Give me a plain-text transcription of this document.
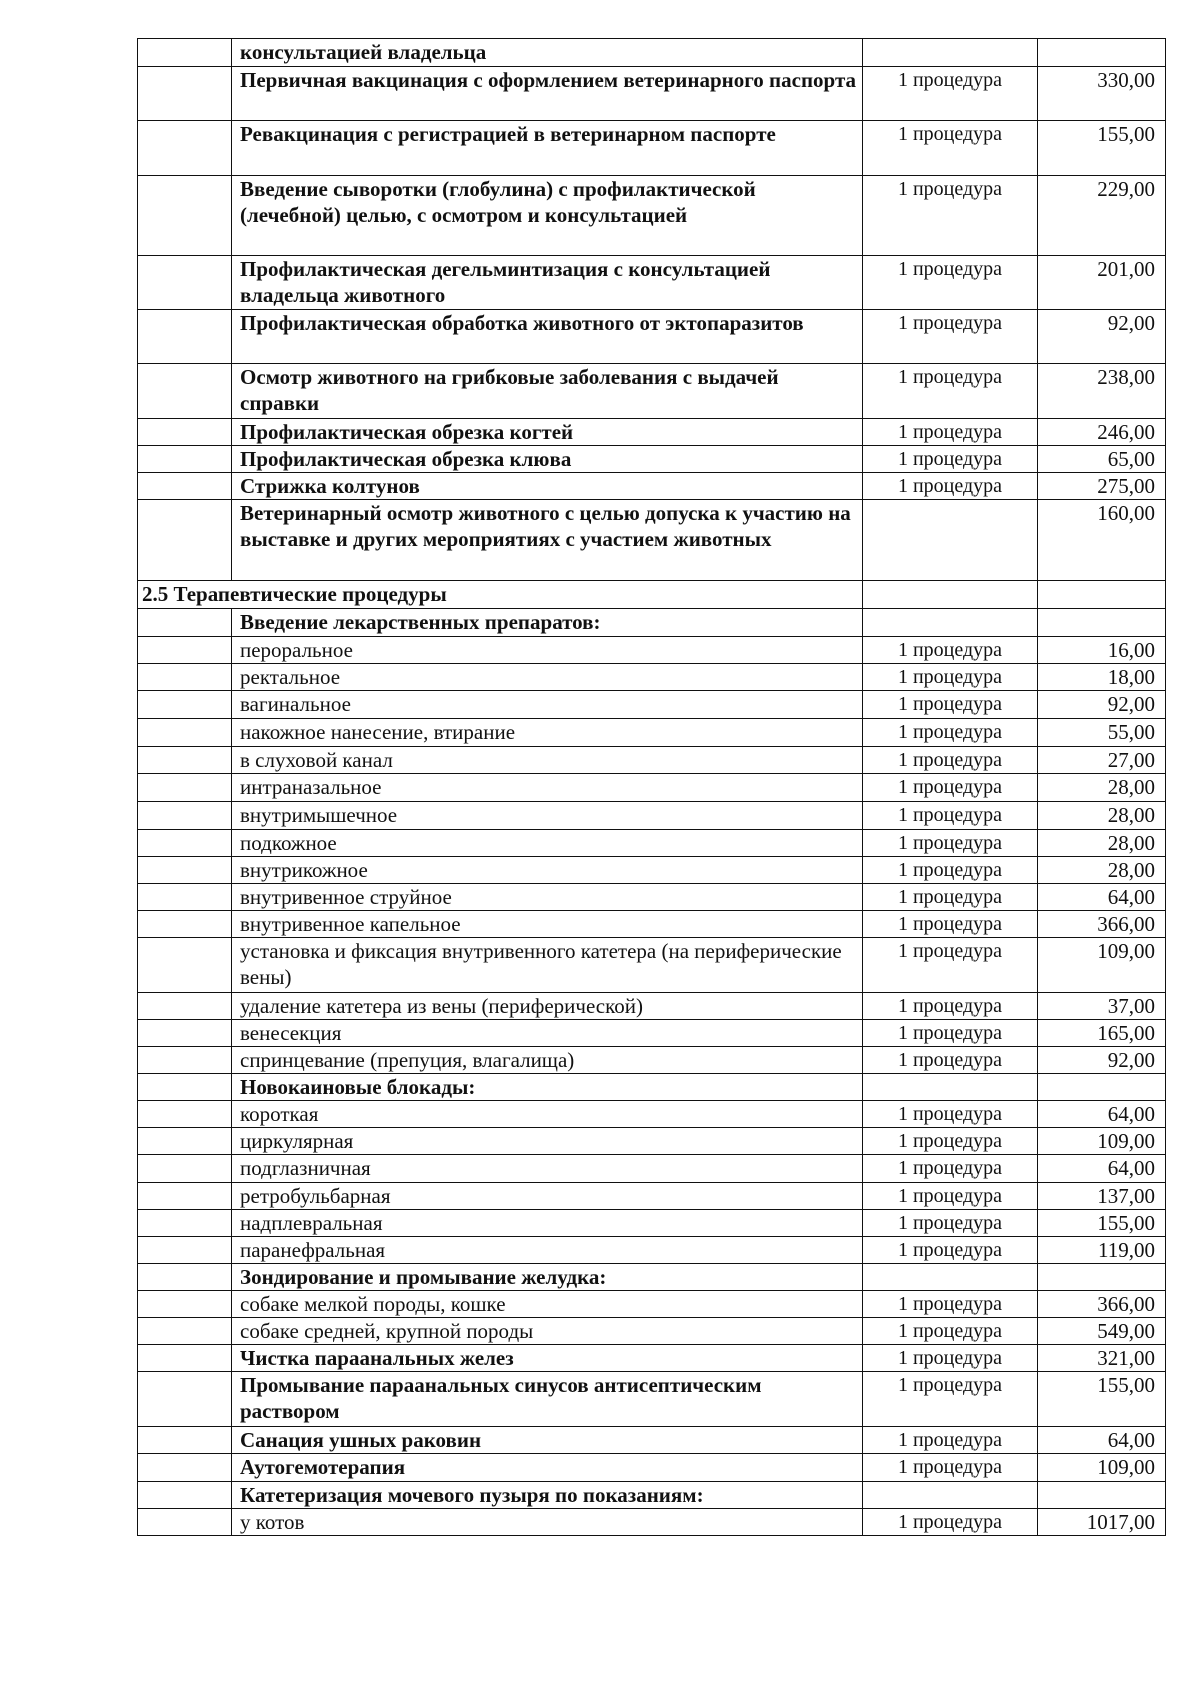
	консультацией владельца		
	Первичная вакцинация с оформлением ветеринарного паспорта	1 процедура	330,00
	Ревакцинация с регистрацией в ветеринарном паспорте	1 процедура	155,00
	Введение сыворотки (глобулина) с профилактической (лечебной) целью, с осмотром и консультацией	1 процедура	229,00
	Профилактическая дегельминтизация с консультацией владельца животного	1 процедура	201,00
	Профилактическая обработка животного от эктопаразитов	1 процедура	92,00
	Осмотр животного на грибковые заболевания с выдачей справки	1 процедура	238,00
	Профилактическая обрезка когтей	1 процедура	246,00
	Профилактическая обрезка клюва	1 процедура	65,00
	Стрижка колтунов	1 процедура	275,00
	Ветеринарный осмотр животного с целью допуска к участию на выставке и других мероприятиях с участием животных		160,00
2.5 Терапевтические процедуры			
	Введение лекарственных препаратов:		
	пероральное	1 процедура	16,00
	ректальное	1 процедура	18,00
	вагинальное	1 процедура	92,00
	накожное нанесение, втирание	1 процедура	55,00
	в слуховой канал	1 процедура	27,00
	интраназальное	1 процедура	28,00
	внутримышечное	1 процедура	28,00
	подкожное	1 процедура	28,00
	внутрикожное	1 процедура	28,00
	внутривенное струйное	1 процедура	64,00
	внутривенное капельное	1 процедура	366,00
	установка и фиксация внутривенного катетера (на периферические вены)	1 процедура	109,00
	удаление катетера из вены (периферической)	1 процедура	37,00
	венесекция	1 процедура	165,00
	спринцевание (препуция, влагалища)	1 процедура	92,00
	Новокаиновые блокады:		
	короткая	1 процедура	64,00
	циркулярная	1 процедура	109,00
	подглазничная	1 процедура	64,00
	ретробульбарная	1 процедура	137,00
	надплевральная	1 процедура	155,00
	паранефральная	1 процедура	119,00
	Зондирование и промывание желудка:		
	собаке мелкой породы, кошке	1 процедура	366,00
	собаке средней, крупной породы	1 процедура	549,00
	Чистка параанальных желез	1 процедура	321,00
	Промывание параанальных синусов антисептическим раствором	1 процедура	155,00
	Санация ушных раковин	1 процедура	64,00
	Аутогемотерапия	1 процедура	109,00
	Катетеризация мочевого пузыря по показаниям:		
	у котов	1 процедура	1017,00
